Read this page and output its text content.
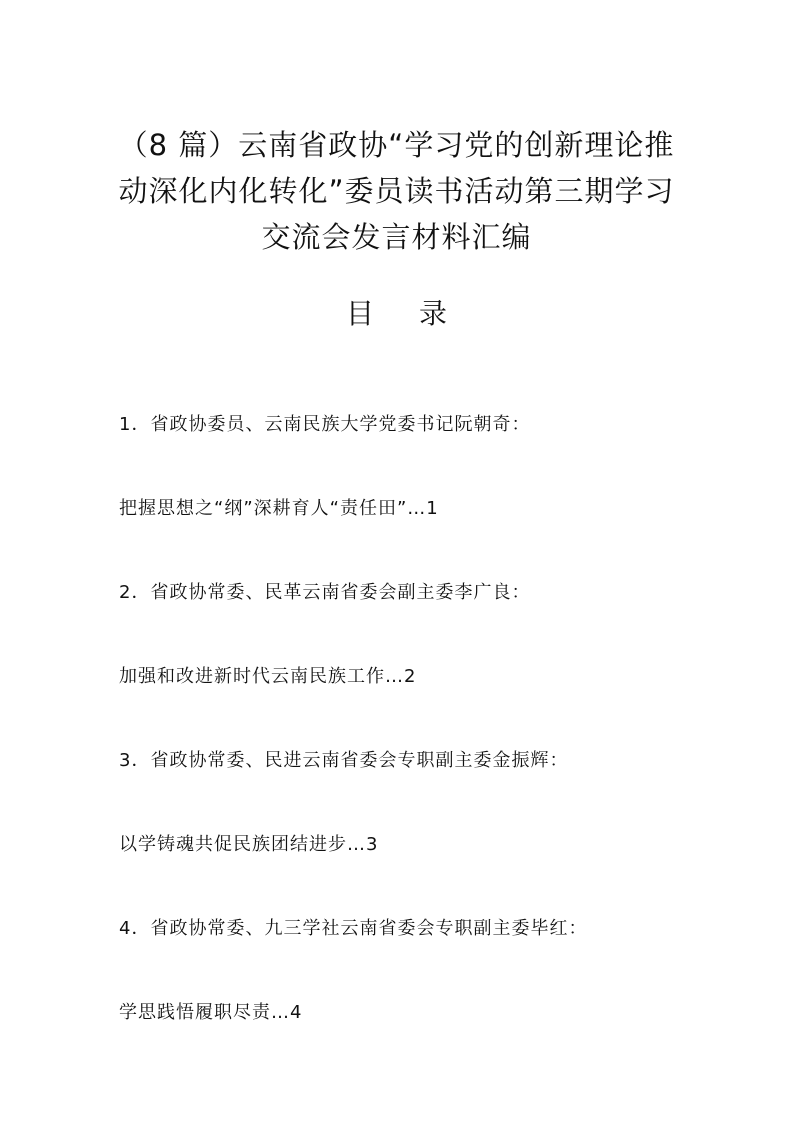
（8 篇）云南省政协“学习党的创新理论推
动深化内化转化”委员读书活动第三期学习
交流会发言材料汇编
目 录
1．省政协委员、云南民族大学党委书记阮朝奇：
把握思想之“纲”深耕育人“责任田”…1
2．省政协常委、民革云南省委会副主委李广良：
加强和改进新时代云南民族工作…2
3．省政协常委、民进云南省委会专职副主委金振辉：
以学铸魂共促民族团结进步…3
4．省政协常委、九三学社云南省委会专职副主委毕红：
学思践悟履职尽责…4
